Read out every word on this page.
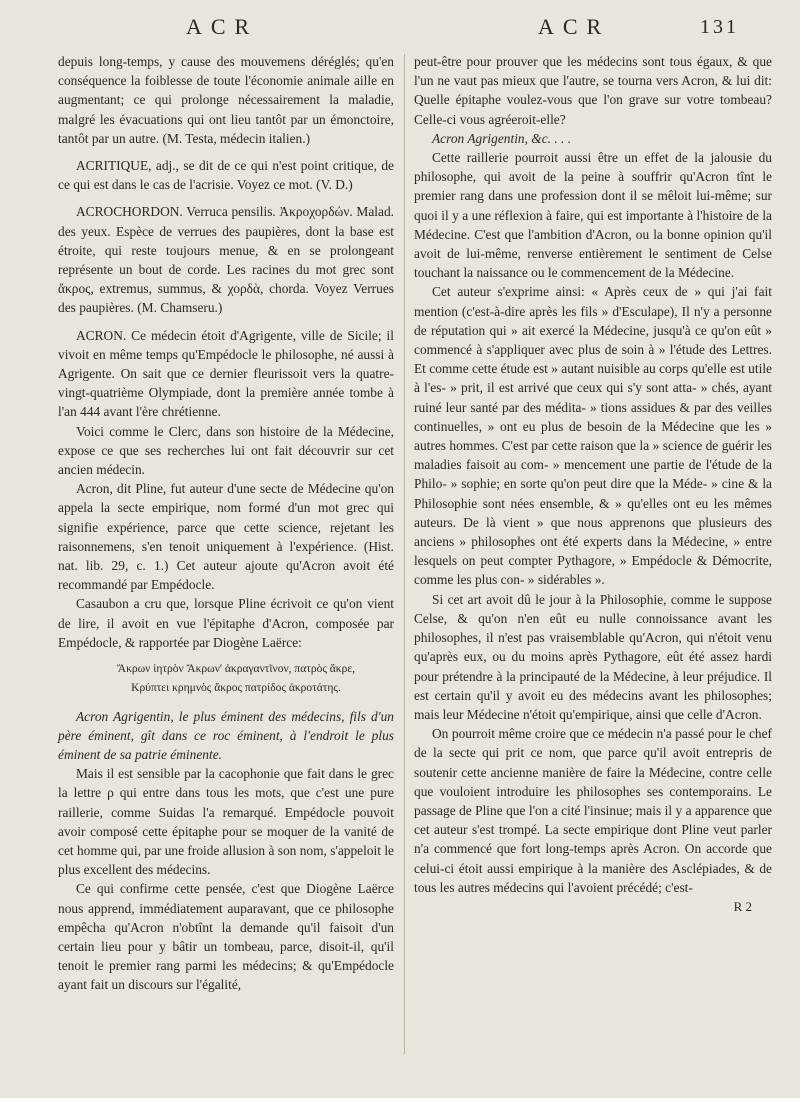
ACR	ACR	131

depuis long-temps, y cause des mouvemens déréglés; qu'en conséquence la foiblesse de toute l'économie animale aille en augmentant; ce qui prolonge nécessairement la maladie, malgré les évacuations qui ont lieu tantôt par un émonctoire, tantôt par un autre. (M. Testa, médecin italien.)

ACRITIQUE, adj., se dit de ce qui n'est point critique, de ce qui est dans le cas de l'acrisie. Voyez ce mot. (V. D.)

ACROCHORDON. Verruca pensilis. Ἀκροχορδών. Malad. des yeux. Espèce de verrues des paupières, dont la base est étroite, qui reste toujours menue, & en se prolongeant représente un bout de corde. Les racines du mot grec sont ἄκρος, extremus, summus, & χορδὰ, chorda. Voyez Verrues des paupières. (M. Chamseru.)

ACRON. Ce médecin étoit d'Agrigente, ville de Sicile; il vivoit en même temps qu'Empédocle le philosophe, né aussi à Agrigente. On sait que ce dernier fleurissoit vers la quatre-vingt-quatrième Olympiade, dont la première année tombe à l'an 444 avant l'ère chrétienne.

Voici comme le Clerc, dans son histoire de la Médecine, expose ce que ses recherches lui ont fait découvrir sur cet ancien médecin.

Acron, dit Pline, fut auteur d'une secte de Médecine qu'on appela la secte empirique, nom formé d'un mot grec qui signifie expérience, parce que cette science, rejetant les raisonnemens, s'en tenoit uniquement à l'expérience. (Hist. nat. lib. 29, c. 1.) Cet auteur ajoute qu'Acron avoit été recommandé par Empédocle.

Casaubon a cru que, lorsque Pline écrivoit ce qu'on vient de lire, il avoit en vue l'épitaphe d'Acron, composée par Empédocle, & rapportée par Diogène Laërce:

Ἄκρων ἰητρὸν Ἄκρων' ἀκραγαντῖνον, πατρὸς ἄκρε,

Κρύπτει κρημνὸς ἄκρος πατρίδος ἀκροτάτης.

Acron Agrigentin, le plus éminent des médecins, fils d'un père éminent, gît dans ce roc éminent, à l'endroit le plus éminent de sa patrie éminente.

Mais il est sensible par la cacophonie que fait dans le grec la lettre ρ qui entre dans tous les mots, que c'est une pure raillerie, comme Suidas l'a remarqué. Empédocle pouvoit avoir composé cette épitaphe pour se moquer de la vanité de cet homme qui, par une froide allusion à son nom, s'appeloit le plus excellent des médecins.

Ce qui confirme cette pensée, c'est que Diogène Laërce nous apprend, immédiatement auparavant, que ce philosophe empêcha qu'Acron n'obtînt la demande qu'il faisoit d'un certain lieu pour y bâtir un tombeau, parce, disoit-il, qu'il tenoit le premier rang parmi les médecins; & qu'Empédocle ayant fait un discours sur l'égalité,

peut-être pour prouver que les médecins sont tous égaux, & que l'un ne vaut pas mieux que l'autre, se tourna vers Acron, & lui dit: Quelle épitaphe voulez-vous que l'on grave sur votre tombeau? Celle-ci vous agréeroit-elle?

Acron Agrigentin, &c. . . .

Cette raillerie pourroit aussi être un effet de la jalousie du philosophe, qui avoit de la peine à souffrir qu'Acron tînt le premier rang dans une profession dont il se mêloit lui-même; sur quoi il y a une réflexion à faire, qui est importante à l'histoire de la Médecine. C'est que l'ambition d'Acron, ou la bonne opinion qu'il avoit de lui-même, renverse entièrement le sentiment de Celse touchant la naissance ou le commencement de la Médecine.

Cet auteur s'exprime ainsi: « Après ceux de » qui j'ai fait mention (c'est-à-dire après les fils » d'Esculape), Il n'y a personne de réputation qui » ait exercé la Médecine, jusqu'à ce qu'on eût » commencé à s'appliquer avec plus de soin à » l'étude des Lettres. Et comme cette étude est » autant nuisible au corps qu'elle est utile à l'es- » prit, il est arrivé que ceux qui s'y sont atta- » chés, ayant ruiné leur santé par des médita- » tions assidues & par des veilles continuelles, » ont eu plus de besoin de la Médecine que les » autres hommes. C'est par cette raison que la » science de guérir les maladies faisoit au com- » mencement une partie de l'étude de la Philo- » sophie; en sorte qu'on peut dire que la Méde- » cine & la Philosophie sont nées ensemble, & » qu'elles ont eu les mêmes auteurs. De là vient » que nous apprenons que plusieurs des anciens » philosophes ont été experts dans la Médecine, » entre lesquels on peut compter Pythagore, » Empédocle & Démocrite, comme les plus con- » sidérables ».

Si cet art avoit dû le jour à la Philosophie, comme le suppose Celse, & qu'on n'en eût eu nulle connoissance avant les philosophes, il n'est pas vraisemblable qu'Acron, qui n'étoit venu qu'après eux, ou du moins après Pythagore, eût été assez hardi pour prétendre à la principauté de la Médecine, à leur préjudice. Il est certain qu'il y avoit eu des médecins avant les philosophes; mais leur Médecine n'étoit qu'empirique, ainsi que celle d'Acron.

On pourroit même croire que ce médecin n'a passé pour le chef de la secte qui prit ce nom, que parce qu'il avoit entrepris de soutenir cette ancienne manière de faire la Médecine, contre celle que vouloient introduire les philosophes ses contemporains. Le passage de Pline que l'on a cité l'insinue; mais il y a apparence que cet auteur s'est trompé. La secte empirique dont Pline veut parler n'a commencé que fort long-temps après Acron. On accorde que celui-ci étoit aussi empirique à la manière des Asclépiades, & de tous les autres médecins qui l'avoient précédé; c'est-

R 2
